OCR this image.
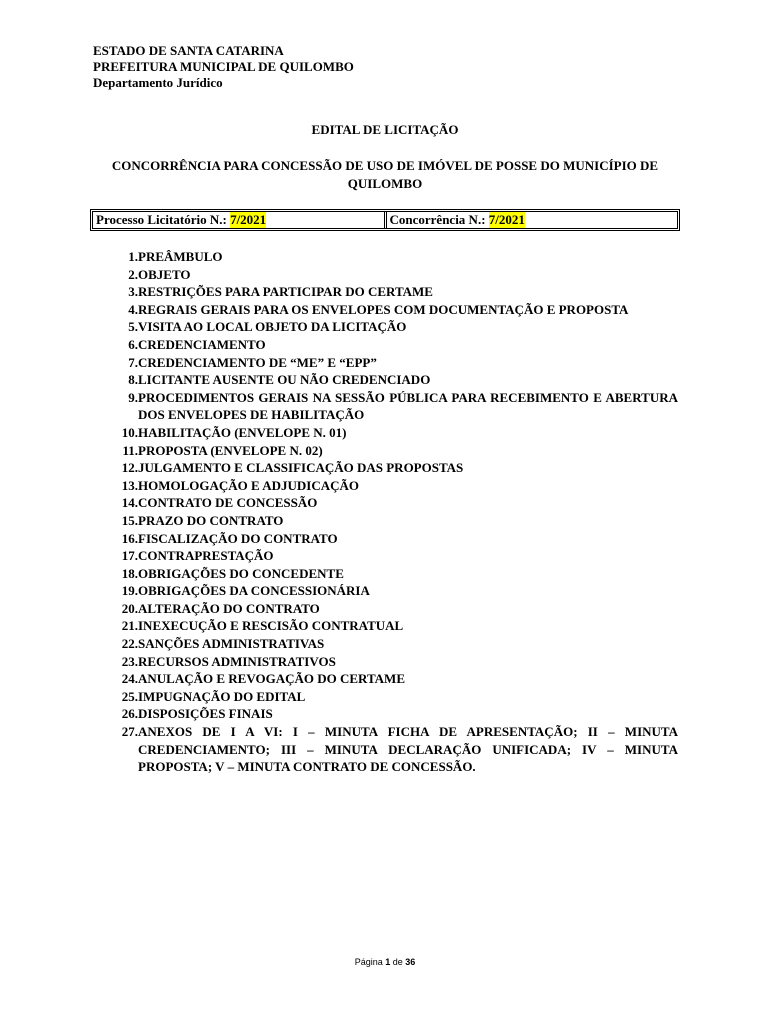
ESTADO DE SANTA CATARINA
PREFEITURA MUNICIPAL DE QUILOMBO
Departamento Jurídico
EDITAL DE LICITAÇÃO
CONCORRÊNCIA PARA CONCESSÃO DE USO DE IMÓVEL DE POSSE DO MUNICÍPIO DE QUILOMBO
Processo Licitatório N.:
7/2021	Concorrência N.:
7/2021
1. PREÂMBULO
2. OBJETO
3. RESTRIÇÕES PARA PARTICIPAR DO CERTAME
4. REGRAIS GERAIS PARA OS ENVELOPES COM DOCUMENTAÇÃO E PROPOSTA
5. VISITA AO LOCAL OBJETO DA LICITAÇÃO
6. CREDENCIAMENTO
7. CREDENCIAMENTO DE “ME” E “EPP”
8. LICITANTE AUSENTE OU NÃO CREDENCIADO
9. PROCEDIMENTOS GERAIS NA SESSÃO PÚBLICA PARA RECEBIMENTO E ABERTURA DOS ENVELOPES DE HABILITAÇÃO
10. HABILITAÇÃO (ENVELOPE N. 01)
11. PROPOSTA (ENVELOPE N. 02)
12. JULGAMENTO E CLASSIFICAÇÃO DAS PROPOSTAS
13. HOMOLOGAÇÃO E ADJUDICAÇÃO
14. CONTRATO DE CONCESSÃO
15. PRAZO DO CONTRATO
16. FISCALIZAÇÃO DO CONTRATO
17. CONTRAPRESTAÇÃO
18. OBRIGAÇÕES DO CONCEDENTE
19. OBRIGAÇÕES DA CONCESSIONÁRIA
20. ALTERAÇÃO DO CONTRATO
21. INEXECUÇÃO E RESCISÃO CONTRATUAL
22. SANÇÕES ADMINISTRATIVAS
23. RECURSOS ADMINISTRATIVOS
24. ANULAÇÃO E REVOGAÇÃO DO CERTAME
25. IMPUGNAÇÃO DO EDITAL
26. DISPOSIÇÕES FINAIS
27. ANEXOS DE I A VI: I – MINUTA FICHA DE APRESENTAÇÃO; II – MINUTA CREDENCIAMENTO; III – MINUTA DECLARAÇÃO UNIFICADA; IV – MINUTA PROPOSTA; V – MINUTA CONTRATO DE CONCESSÃO.
Página 1 de 36
